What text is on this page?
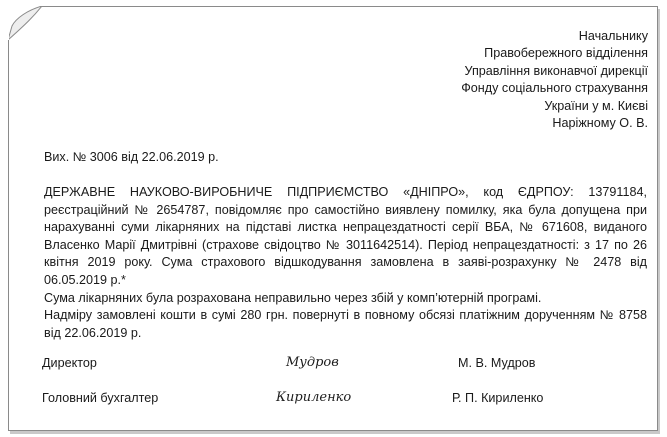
Начальнику
Правобережного відділення
Управління виконавчої дирекції
Фонду соціального страхування
України у м. Києві
Наріжному О. В.
Вих. № 3006 від 22.06.2019 р.

ДЕРЖАВНЕ НАУКОВО-ВИРОБНИЧЕ ПІДПРИЄМСТВО «ДНІПРО», код ЄДРПОУ: 13791184, реєстраційний № 2654787, повідомляє про самостійно виявлену помилку, яка була допущена при нарахуванні суми лікарняних на підставі листка непрацездатності серії ВБА, № 671608, виданого Власенко Марії Дмитрівні (страхове свідоцтво № 3011642514). Період непрацездатності: з 17 по 26 квітня 2019 року. Сума страхового відшкодування замовлена в заяві-розрахунку № 2478 від 06.05.2019 р.*

Сума лікарняних була розрахована неправильно через збій у комп’ютерній програмі.

Надміру замовлені кошти в сумі 280 грн. повернуті в повному обсязі платіжним дорученням № 8758 від 22.06.2019 р.

Директор	Мудров	М. В. Мудров
Головний бухгалтер	Кириленко	Р. П. Кириленко
